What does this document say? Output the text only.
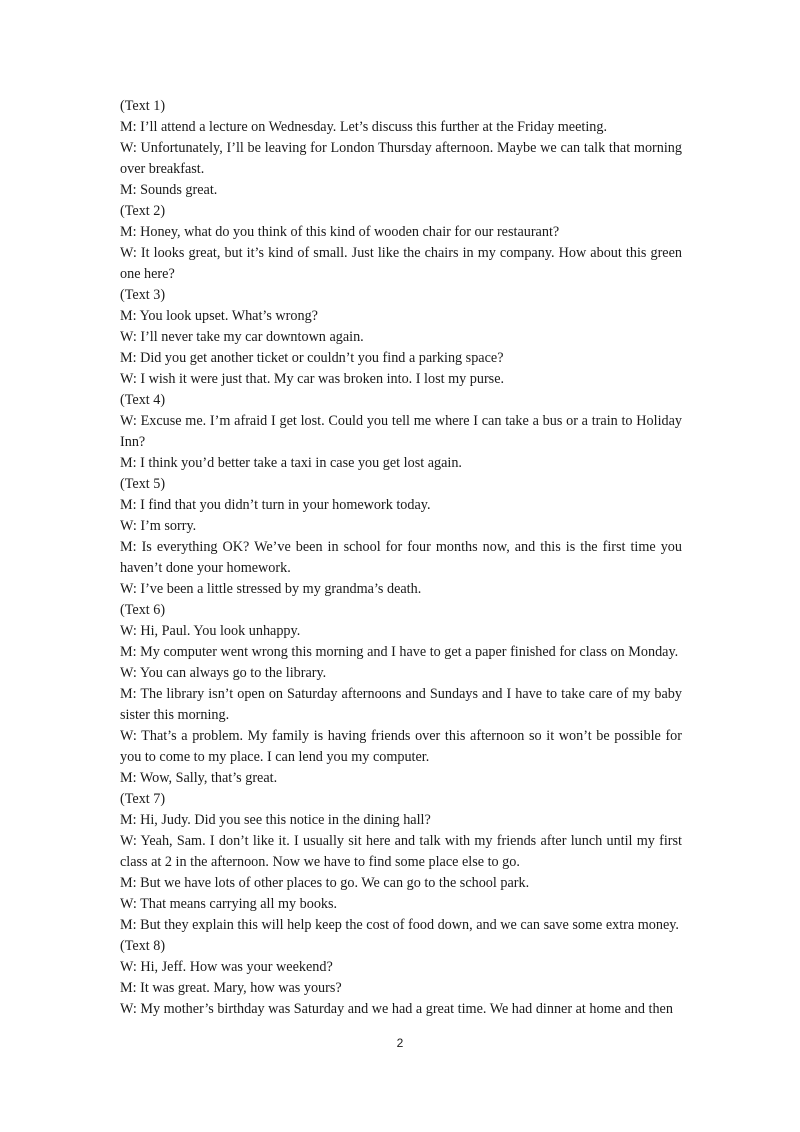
(Text 1)

M: I’ll attend a lecture on Wednesday. Let’s discuss this further at the Friday meeting.

W: Unfortunately, I’ll be leaving for London Thursday afternoon. Maybe we can talk that morning over breakfast.

M: Sounds great.

(Text 2)

M: Honey, what do you think of this kind of wooden chair for our restaurant?

W: It looks great, but it’s kind of small. Just like the chairs in my company. How about this green one here?

(Text 3)

M: You look upset. What’s wrong?

W: I’ll never take my car downtown again.

M: Did you get another ticket or couldn’t you find a parking space?

W: I wish it were just that. My car was broken into. I lost my purse.

(Text 4)

W: Excuse me. I’m afraid I get lost. Could you tell me where I can take a bus or a train to Holiday Inn?

M: I think you’d better take a taxi in case you get lost again.

(Text 5)

M: I find that you didn’t turn in your homework today.

W: I’m sorry.

M: Is everything OK? We’ve been in school for four months now, and this is the first time you haven’t done your homework.

W: I’ve been a little stressed by my grandma’s death.

(Text 6)

W: Hi, Paul. You look unhappy.

M: My computer went wrong this morning and I have to get a paper finished for class on Monday.

W: You can always go to the library.

M: The library isn’t open on Saturday afternoons and Sundays and I have to take care of my baby sister this morning.

W: That’s a problem. My family is having friends over this afternoon so it won’t be possible for you to come to my place. I can lend you my computer.

M: Wow, Sally, that’s great.

(Text 7)

M: Hi, Judy. Did you see this notice in the dining hall?

W: Yeah, Sam. I don’t like it. I usually sit here and talk with my friends after lunch until my first class at 2 in the afternoon. Now we have to find some place else to go.

M: But we have lots of other places to go. We can go to the school park.

W: That means carrying all my books.

M: But they explain this will help keep the cost of food down, and we can save some extra money.

(Text 8)

W: Hi, Jeff. How was your weekend?

M: It was great. Mary, how was yours?

W: My mother’s birthday was Saturday and we had a great time. We had dinner at home and then

2
